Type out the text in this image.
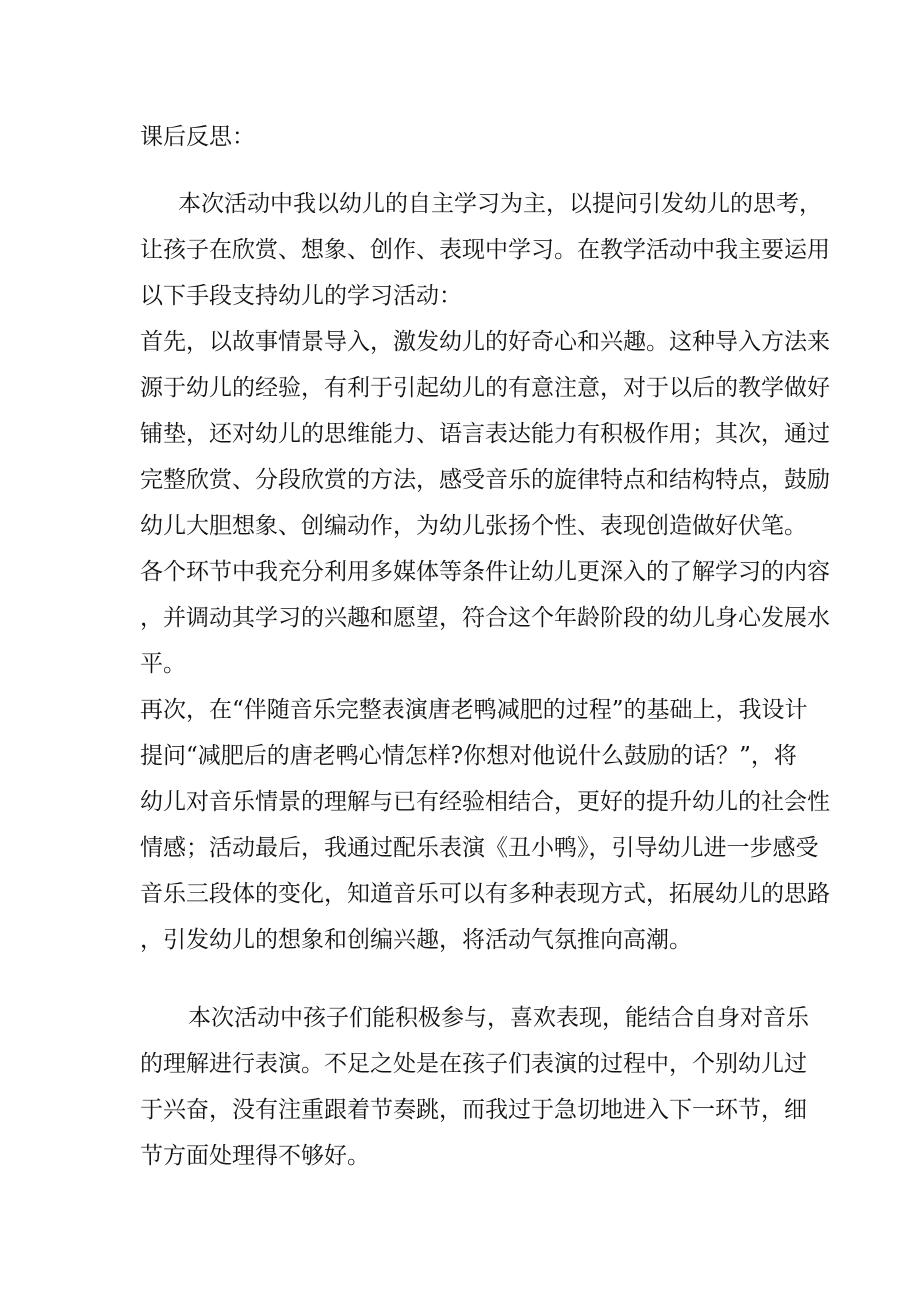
课后反思：
本次活动中我以幼儿的自主学习为主，以提问引发幼儿的思考，
让孩子在欣赏、想象、创作、表现中学习。在教学活动中我主要运用
以下手段支持幼儿的学习活动：
首先，以故事情景导入，激发幼儿的好奇心和兴趣。这种导入方法来
源于幼儿的经验，有利于引起幼儿的有意注意，对于以后的教学做好
铺垫，还对幼儿的思维能力、语言表达能力有积极作用；其次，通过
完整欣赏、分段欣赏的方法，感受音乐的旋律特点和结构特点，鼓励
幼儿大胆想象、创编动作，为幼儿张扬个性、表现创造做好伏笔。
各个环节中我充分利用多媒体等条件让幼儿更深入的了解学习的内容
，并调动其学习的兴趣和愿望，符合这个年龄阶段的幼儿身心发展水
平。
再次，在“伴随音乐完整表演唐老鸭减肥的过程”的基础上，我设计
提问“减肥后的唐老鸭心情怎样?你想对他说什么鼓励的话？”，将
幼儿对音乐情景的理解与已有经验相结合，更好的提升幼儿的社会性
情感；活动最后，我通过配乐表演《丑小鸭》，引导幼儿进一步感受
音乐三段体的变化，知道音乐可以有多种表现方式，拓展幼儿的思路
，引发幼儿的想象和创编兴趣，将活动气氛推向高潮。
本次活动中孩子们能积极参与，喜欢表现，能结合自身对音乐
的理解进行表演。不足之处是在孩子们表演的过程中，个别幼儿过
于兴奋，没有注重跟着节奏跳，而我过于急切地进入下一环节，细
节方面处理得不够好。
